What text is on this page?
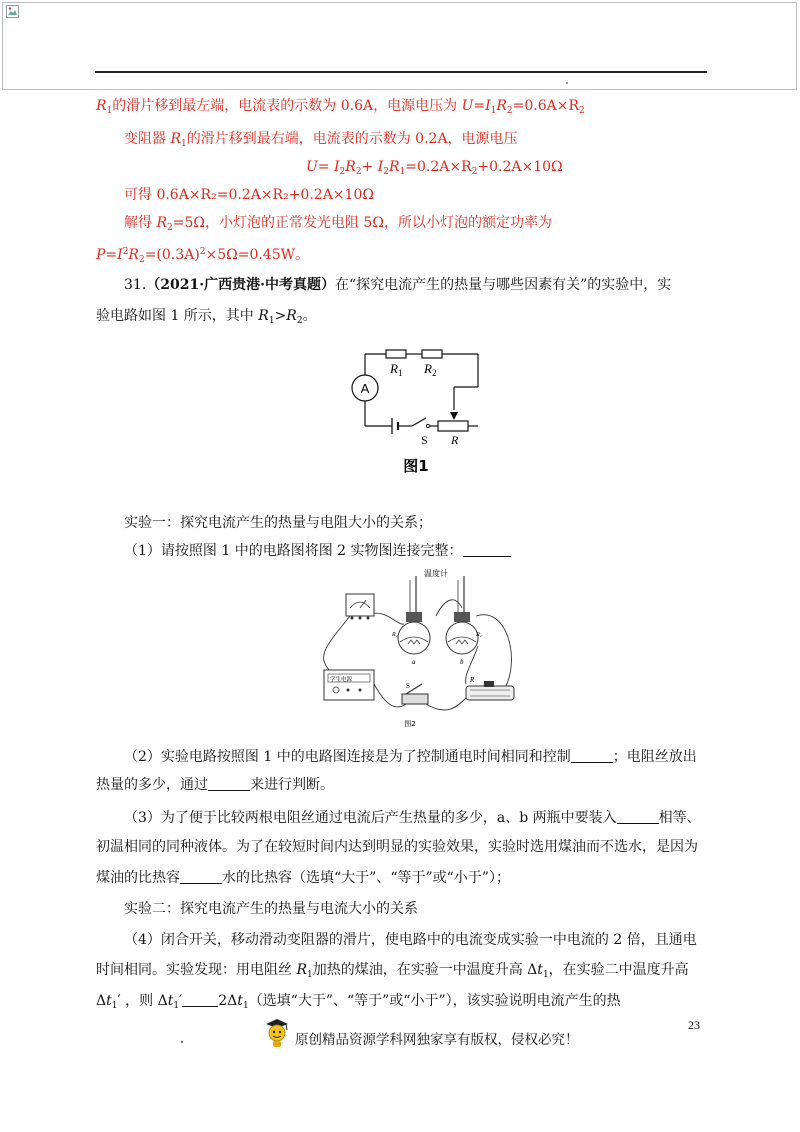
$R_1$的滑片移到最左端，电流表的示数为 0.6A，电源电压为 $U=I_1R_2=0.6A\times R_2$
变阻器 $R_1$的滑片移到最右端，电流表的示数为 0.2A，电源电压
$U= I_2R_2+ I_2R_1=0.2A\times R_2+0.2A\times 10\Omega$
可得 0.6A×R₂=0.2A×R₂+0.2A×10Ω
解得 $R_2=5\Omega$，小灯泡的正常发光电阻 5Ω，所以小灯泡的额定功率为
$P=I^2R_2=(0.3A)^2\times 5\Omega=0.45W$。
31.（2021·广西贵港·中考真题）在“探究电流产生的热量与哪些因素有关”的实验中，实
验电路如图 1 所示，其中 $R_1>R_2$。
A
$R_1$ $R_2$
S R
图1
实验一：探究电流产生的热量与电阻大小的关系；
（1）请按照图 1 中的电路图将图 2 实物图连接完整：
温度计
a	b
R₁	R₂
学生电源
S
R
图2
（2）实验电路按照图 1 中的电路图连接是为了控制通电时间相同和控制	；电阻丝放出
热量的多少，通过	来进行判断。
（3）为了便于比较两根电阻丝通过电流后产生热量的多少，a、b 两瓶中要装入	相等、
初温相同的同种液体。为了在较短时间内达到明显的实验效果，实验时选用煤油而不选水，是因为
煤油的比热容	水的比热容（选填“大于”、“等于”或“小于”）；
实验二：探究电流产生的热量与电流大小的关系
（4）闭合开关，移动滑动变阻器的滑片，使电路中的电流变成实验一中电流的 2 倍，且通电
时间相同。实验发现：用电阻丝 $R_1$加热的煤油，在实验一中温度升高 $\Delta t_1$，在实验二中温度升高
$\Delta t_1'$ ，则 $\Delta t_1'$	$2\Delta t_1$（选填“大于”、“等于”或“小于”），该实验说明电流产生的热
23
原创精品资源学科网独家享有版权，侵权必究！
